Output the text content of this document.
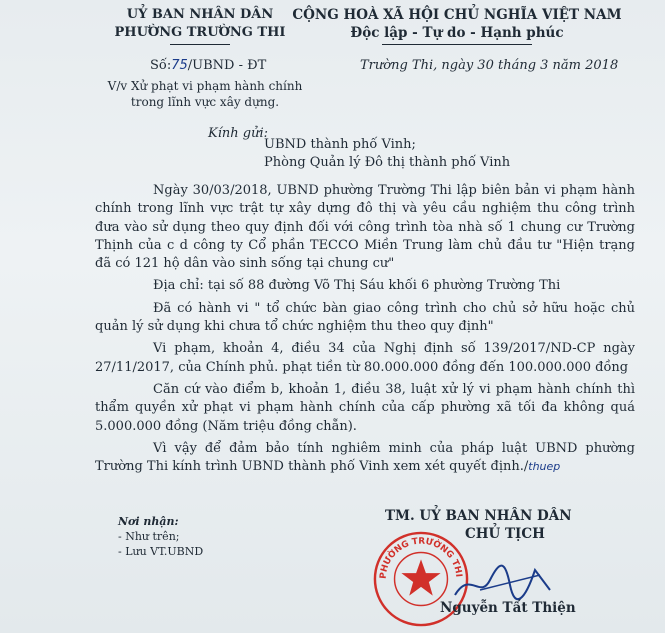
UỶ BAN NHÂN DÂN
PHƯỜNG TRƯỜNG THI
CỘNG HOÀ XÃ HỘI CHỦ NGHĨA VIỆT NAM
Độc lập - Tự do - Hạnh phúc
Số:75/UBND - ĐT
V/v Xử phạt vi phạm hành chính
trong lĩnh vực xây dựng.
Trường Thi, ngày 30 tháng 3 năm 2018
Kính gửi:
UBND thành phố Vinh;
Phòng Quản lý Đô thị thành phố Vinh

Ngày 30/03/2018, UBND phường Trường Thi lập biên bản vi phạm hành chính trong lĩnh vực trật tự xây dựng đô thị và yêu cầu nghiệm thu công trình đưa vào sử dụng theo quy định đối với công trình tòa nhà số 1 chung cư Trường Thịnh của c d công ty Cổ phần TECCO Miền Trung làm chủ đầu tư "Hiện trạng đã có 121 hộ dân vào sinh sống tại chung cư"

Địa chỉ: tại số 88 đường Võ Thị Sáu khối 6 phường Trường Thi

Đã có hành vi " tổ chức bàn giao công trình cho chủ sở hữu hoặc chủ quản lý sử dụng khi chưa tổ chức nghiệm thu theo quy định"

Vi phạm, khoản 4, điều 34 của Nghị định số 139/2017/ND-CP ngày 27/11/2017, của Chính phủ. phạt tiền từ 80.000.000 đồng đến 100.000.000 đồng

Căn cứ vào điểm b, khoản 1, điều 38, luật xử lý vi phạm hành chính thì thẩm quyền xử phạt vi phạm hành chính của cấp phường xã tối đa không quá 5.000.000 đồng (Năm triệu đồng chẵn).

Vì vậy để đảm bảo tính nghiêm minh của pháp luật UBND phường Trường Thi kính trình UBND thành phố Vinh xem xét quyết định./thuep

Nơi nhận:
- Như trên;
- Lưu VT.UBND
TM. UỶ BAN NHÂN DÂN
CHỦ TỊCH
PHƯỜNG TRƯỜNG THI
Nguyễn Tất Thiện
